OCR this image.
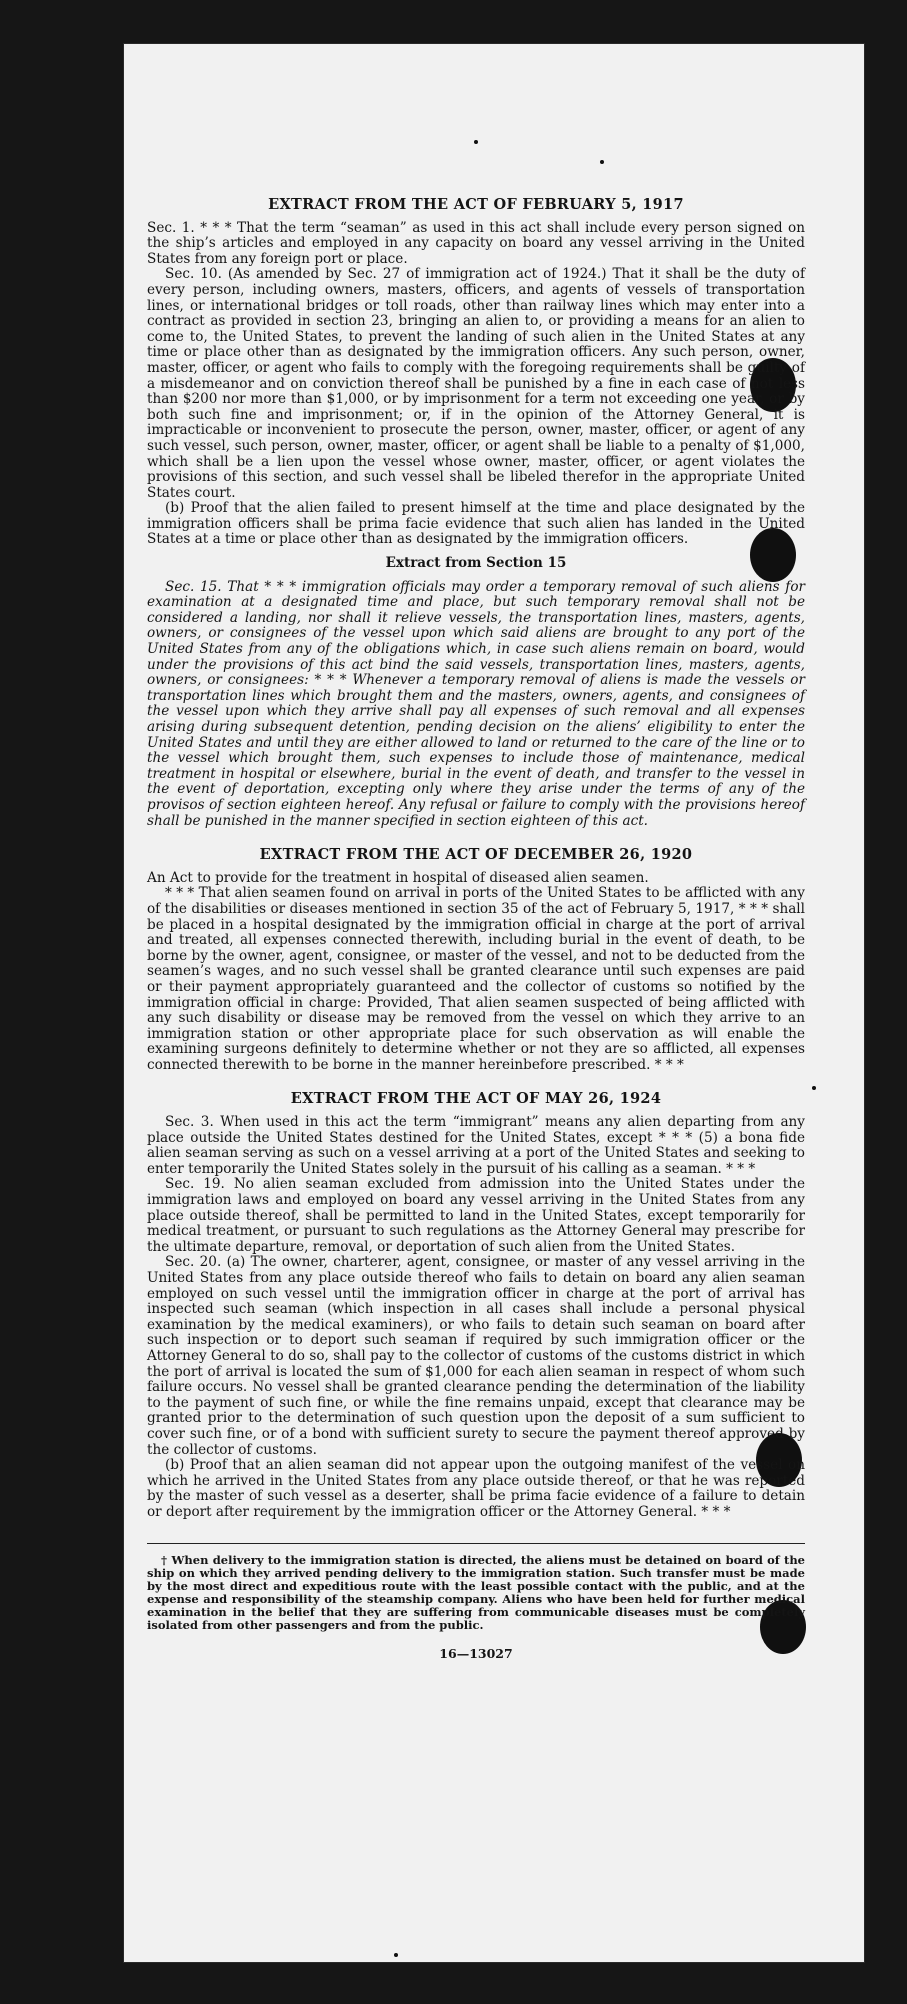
EXTRACT FROM THE ACT OF FEBRUARY 5, 1917

Sec. 1. * * * That the term “seaman” as used in this act shall include every person signed on the ship’s articles and employed in any capacity on board any vessel arriving in the United States from any foreign port or place.

Sec. 10. (As amended by Sec. 27 of immigration act of 1924.) That it shall be the duty of every person, including owners, masters, officers, and agents of vessels of transportation lines, or international bridges or toll roads, other than railway lines which may enter into a contract as provided in section 23, bringing an alien to, or providing a means for an alien to come to, the United States, to prevent the landing of such alien in the United States at any time or place other than as designated by the immigration officers. Any such person, owner, master, officer, or agent who fails to comply with the foregoing requirements shall be guilty of a misdemeanor and on conviction thereof shall be punished by a fine in each case of not less than $200 nor more than $1,000, or by imprisonment for a term not exceeding one year, or by both such fine and imprisonment; or, if in the opinion of the Attorney General, it is impracticable or inconvenient to prosecute the person, owner, master, officer, or agent of any such vessel, such person, owner, master, officer, or agent shall be liable to a penalty of $1,000, which shall be a lien upon the vessel whose owner, master, officer, or agent violates the provisions of this section, and such vessel shall be libeled therefor in the appropriate United States court.

(b) Proof that the alien failed to present himself at the time and place designated by the immigration officers shall be prima facie evidence that such alien has landed in the United States at a time or place other than as designated by the immigration officers.

Extract from Section 15

Sec. 15. That * * * immigration officials may order a temporary removal of such aliens for examination at a designated time and place, but such temporary removal shall not be considered a landing, nor shall it relieve vessels, the transportation lines, masters, agents, owners, or consignees of the vessel upon which said aliens are brought to any port of the United States from any of the obligations which, in case such aliens remain on board, would under the provisions of this act bind the said vessels, transportation lines, masters, agents, owners, or consignees: * * * Whenever a temporary removal of aliens is made the vessels or transportation lines which brought them and the masters, owners, agents, and consignees of the vessel upon which they arrive shall pay all expenses of such removal and all expenses arising during subsequent detention, pending decision on the aliens’ eligibility to enter the United States and until they are either allowed to land or returned to the care of the line or to the vessel which brought them, such expenses to include those of maintenance, medical treatment in hospital or elsewhere, burial in the event of death, and transfer to the vessel in the event of deportation, excepting only where they arise under the terms of any of the provisos of section eighteen hereof. Any refusal or failure to comply with the provisions hereof shall be punished in the manner specified in section eighteen of this act.

EXTRACT FROM THE ACT OF DECEMBER 26, 1920

An Act to provide for the treatment in hospital of diseased alien seamen.

* * * That alien seamen found on arrival in ports of the United States to be afflicted with any of the disabilities or diseases mentioned in section 35 of the act of February 5, 1917, * * * shall be placed in a hospital designated by the immigration official in charge at the port of arrival and treated, all expenses connected therewith, including burial in the event of death, to be borne by the owner, agent, consignee, or master of the vessel, and not to be deducted from the seamen’s wages, and no such vessel shall be granted clearance until such expenses are paid or their payment appropriately guaranteed and the collector of customs so notified by the immigration official in charge: Provided, That alien seamen suspected of being afflicted with any such disability or disease may be removed from the vessel on which they arrive to an immigration station or other appropriate place for such observation as will enable the examining surgeons definitely to determine whether or not they are so afflicted, all expenses connected therewith to be borne in the manner hereinbefore prescribed. * * *

EXTRACT FROM THE ACT OF MAY 26, 1924

Sec. 3. When used in this act the term “immigrant” means any alien departing from any place outside the United States destined for the United States, except * * * (5) a bona fide alien seaman serving as such on a vessel arriving at a port of the United States and seeking to enter temporarily the United States solely in the pursuit of his calling as a seaman. * * *

Sec. 19. No alien seaman excluded from admission into the United States under the immigration laws and employed on board any vessel arriving in the United States from any place outside thereof, shall be permitted to land in the United States, except temporarily for medical treatment, or pursuant to such regulations as the Attorney General may prescribe for the ultimate departure, removal, or deportation of such alien from the United States.

Sec. 20. (a) The owner, charterer, agent, consignee, or master of any vessel arriving in the United States from any place outside thereof who fails to detain on board any alien seaman employed on such vessel until the immigration officer in charge at the port of arrival has inspected such seaman (which inspection in all cases shall include a personal physical examination by the medical examiners), or who fails to detain such seaman on board after such inspection or to deport such seaman if required by such immigration officer or the Attorney General to do so, shall pay to the collector of customs of the customs district in which the port of arrival is located the sum of $1,000 for each alien seaman in respect of whom such failure occurs. No vessel shall be granted clearance pending the determination of the liability to the payment of such fine, or while the fine remains unpaid, except that clearance may be granted prior to the determination of such question upon the deposit of a sum sufficient to cover such fine, or of a bond with sufficient surety to secure the payment thereof approved by the collector of customs.

(b) Proof that an alien seaman did not appear upon the outgoing manifest of the vessel on which he arrived in the United States from any place outside thereof, or that he was reported by the master of such vessel as a deserter, shall be prima facie evidence of a failure to detain or deport after requirement by the immigration officer or the Attorney General. * * *

† When delivery to the immigration station is directed, the aliens must be detained on board of the ship on which they arrived pending delivery to the immigration station. Such transfer must be made by the most direct and expeditious route with the least possible contact with the public, and at the expense and responsibility of the steamship company. Aliens who have been held for further medical examination in the belief that they are suffering from communicable diseases must be completely isolated from other passengers and from the public.

16—13027
